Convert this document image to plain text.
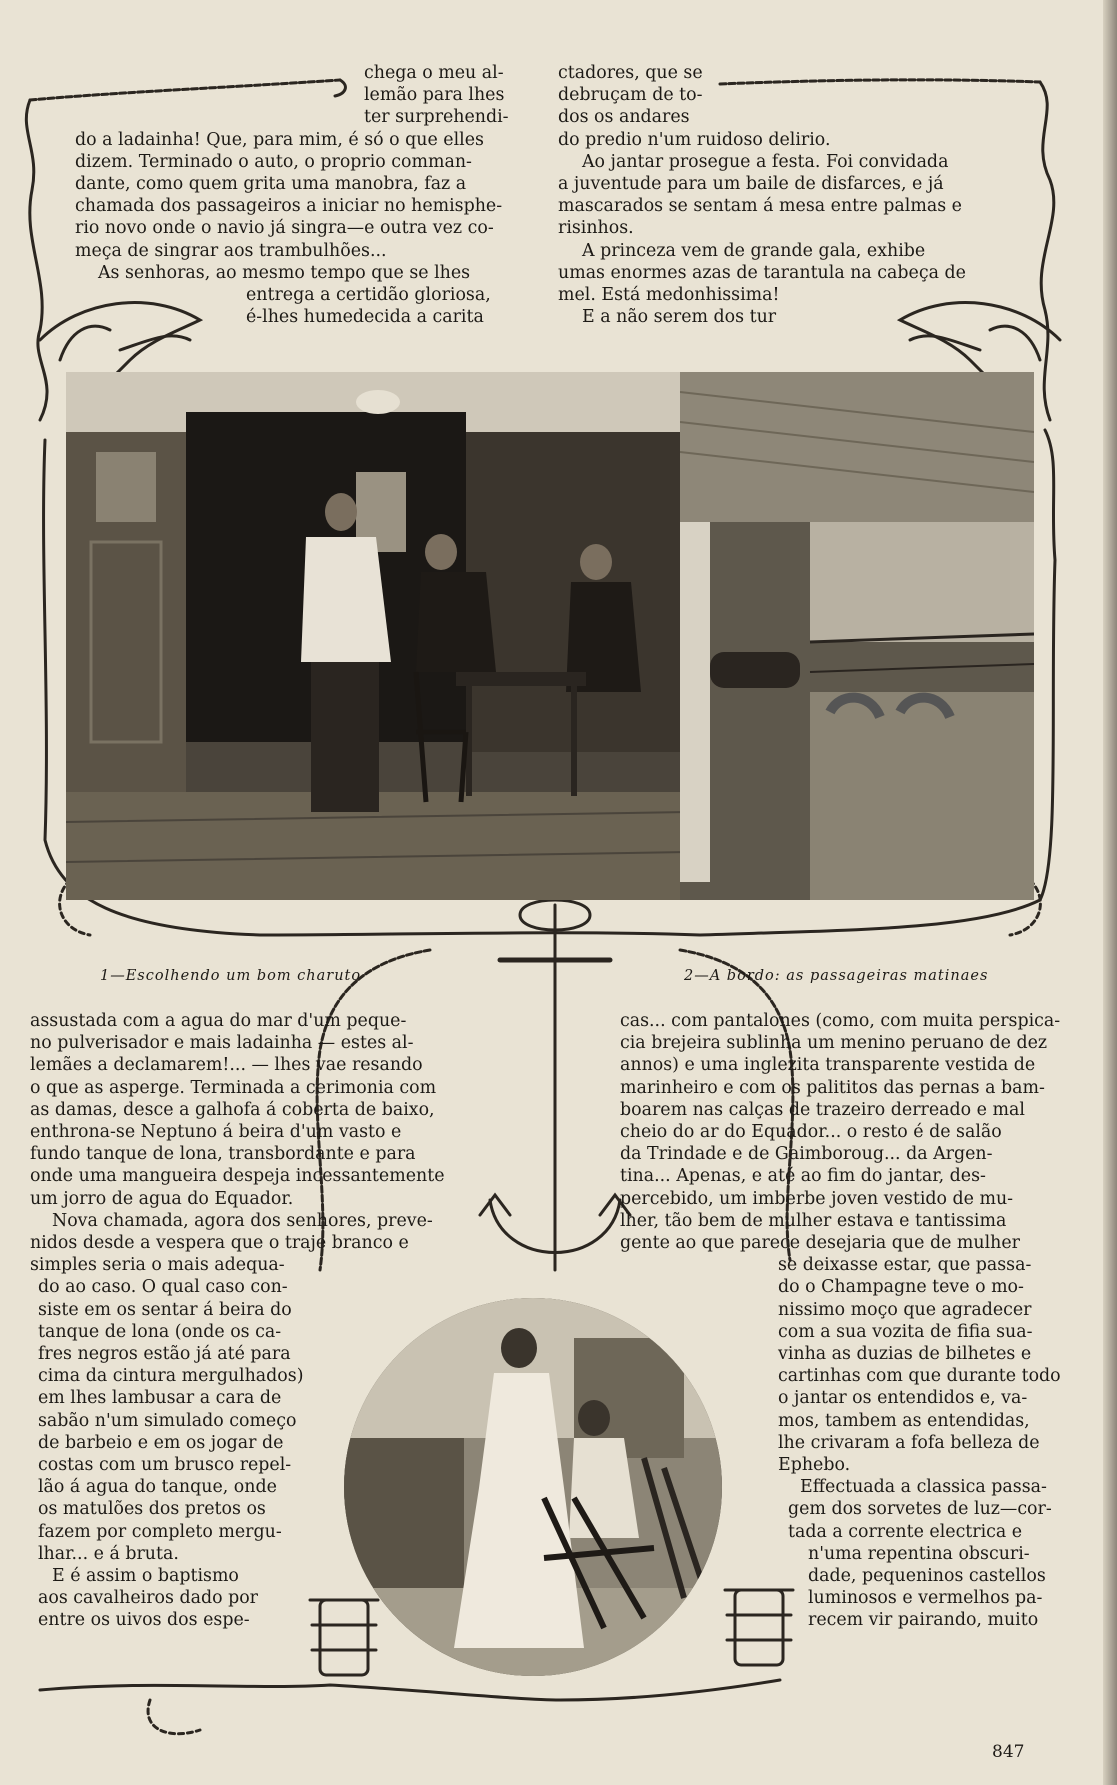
chega o meu al-
lemão para lhes
ter surprehendi-
do a ladainha! Que, para mim, é só o que elles
dizem. Terminado o auto, o proprio comman-
dante, como quem grita uma manobra, faz a
chamada dos passageiros a iniciar no hemisphe-
rio novo onde o navio já singra—e outra vez co-
meça de singrar aos trambulhões...
As senhoras, ao mesmo tempo que se lhes
entrega a certidão gloriosa,
é-lhes humedecida a carita
ctadores, que se
debruçam de to-
dos os andares
do predio n'um ruidoso delirio.
Ao jantar prosegue a festa. Foi convidada
a juventude para um baile de disfarces, e já
mascarados se sentam á mesa entre palmas e
risinhos.
A princeza vem de grande gala, exhibe
umas enormes azas de tarantula na cabeça de
mel. Está medonhissima!
E a não serem dos tur
1—Escolhendo um bom charuto	2—A bordo: as passageiras matinaes
assustada com a agua do mar d'um peque-
no pulverisador e mais ladainha — estes al-
lemães a declamarem!... — lhes vae resando
o que as asperge. Terminada a cerimonia com
as damas, desce a galhofa á coberta de baixo,
enthrona-se Neptuno á beira d'um vasto e
fundo tanque de lona, transbordante e para
onde uma mangueira despeja incessantemente
um jorro de agua do Equador.
Nova chamada, agora dos senhores, preve-
nidos desde a vespera que o traje branco e
simples seria o mais adequa-
do ao caso. O qual caso con-
siste em os sentar á beira do
tanque de lona (onde os ca-
fres negros estão já até para
cima da cintura mergulhados)
em lhes lambusar a cara de
sabão n'um simulado começo
de barbeio e em os jogar de
costas com um brusco repel-
lão á agua do tanque, onde
os matulões dos pretos os
fazem por completo mergu-
lhar... e á bruta.
E é assim o baptismo
aos cavalheiros dado por
entre os uivos dos espe-
cas... com pantalones (como, com muita perspica-
cia brejeira sublinha um menino peruano de dez
annos) e uma inglezita transparente vestida de
marinheiro e com os palititos das pernas a bam-
boarem nas calças de trazeiro derreado e mal
cheio do ar do Equador... o resto é de salão
da Trindade e de Gaimboroug... da Argen-
tina... Apenas, e até ao fim do jantar, des-
percebido, um imberbe joven vestido de mu-
lher, tão bem de mulher estava e tantissima
gente ao que parece desejaria que de mulher
se deixasse estar, que passa-
do o Champagne teve o mo-
nissimo moço que agradecer
com a sua vozita de fifia sua-
vinha as duzias de bilhetes e
cartinhas com que durante todo
o jantar os entendidos e, va-
mos, tambem as entendidas,
lhe crivaram a fofa belleza de
Ephebo.
Effectuada a classica passa-
gem dos sorvetes de luz—cor-
tada a corrente electrica e
n'uma repentina obscuri-
dade, pequeninos castellos
luminosos e vermelhos pa-
recem vir pairando, muito
847
